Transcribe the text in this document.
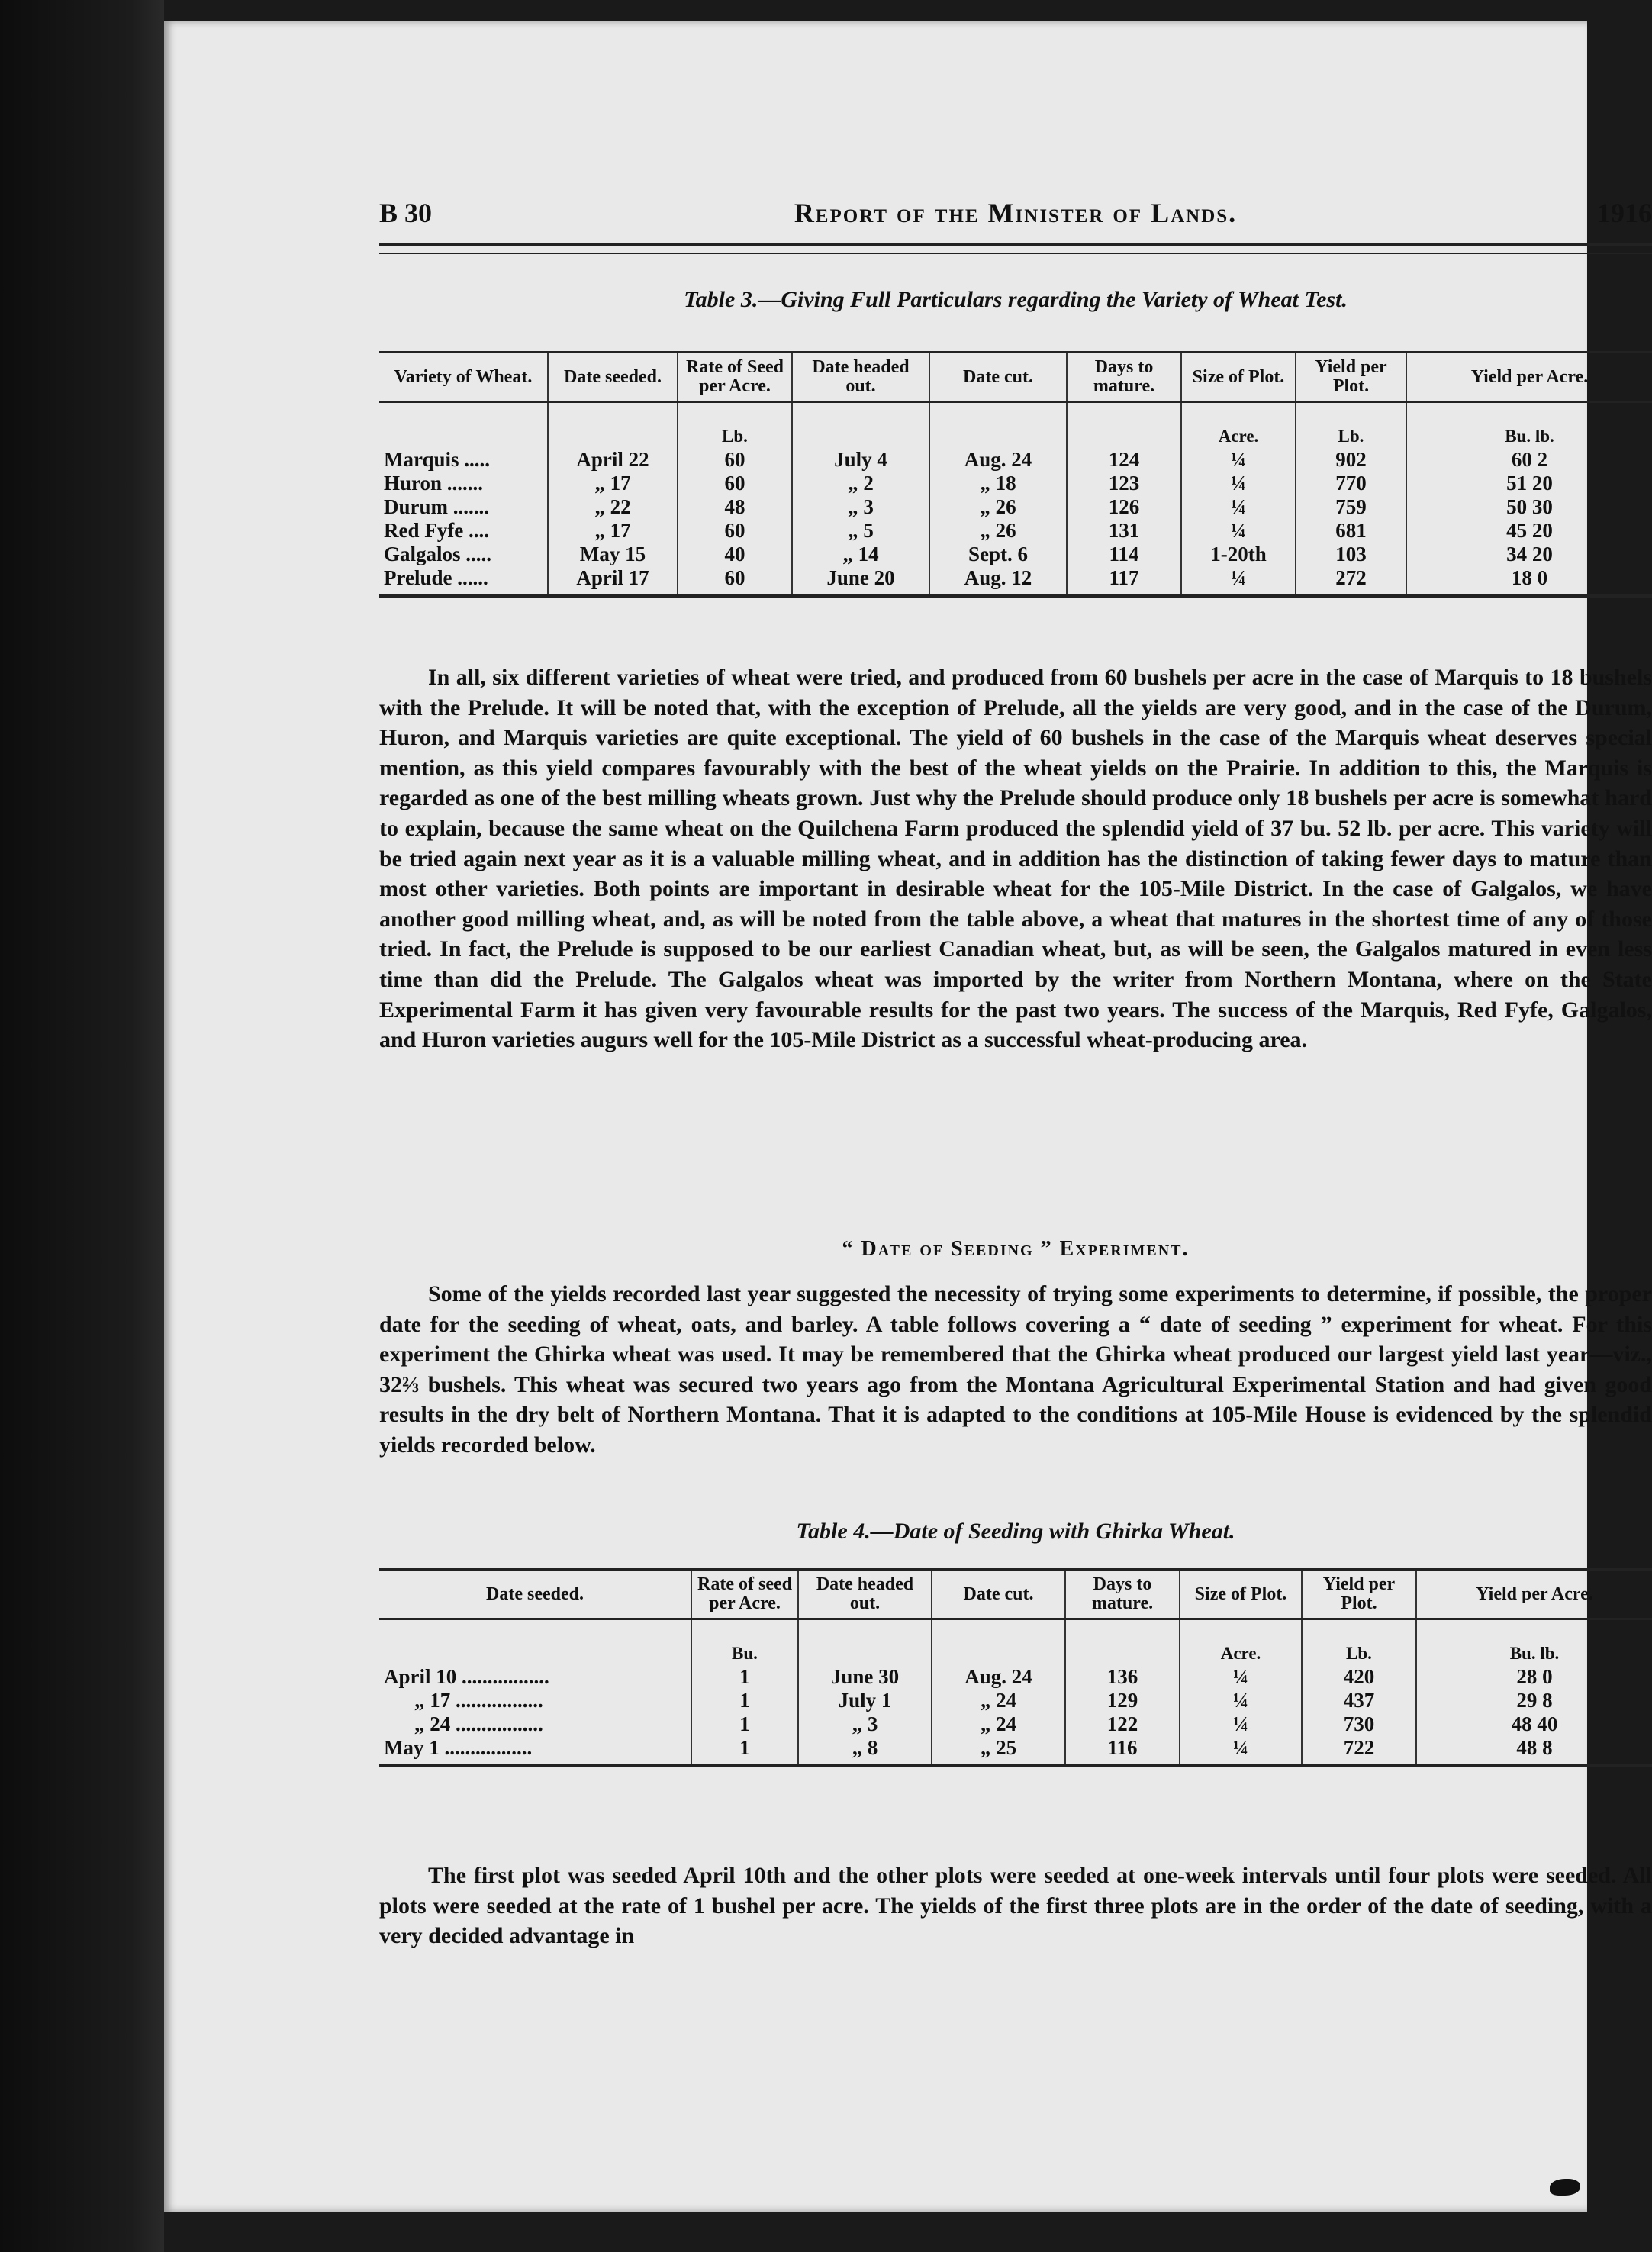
B 30	Report of the Minister of Lands.	1916
Table 3.—Giving Full Particulars regarding the Variety of Wheat Test.
Variety of Wheat.	Date seeded.	Rate of Seed per Acre.	Date headed out.	Date cut.	Days to mature.	Size of Plot.	Yield per Plot.	Yield per Acre.
		Lb.				Acre.	Lb.	Bu. lb.
Marquis .....	April 22	60	July 4	Aug. 24	124	¼	902	60 2
Huron .......	„ 17	60	„ 2	„ 18	123	¼	770	51 20
Durum .......	„ 22	48	„ 3	„ 26	126	¼	759	50 30
Red Fyfe ....	„ 17	60	„ 5	„ 26	131	¼	681	45 20
Galgalos .....	May 15	40	„ 14	Sept. 6	114	1-20th	103	34 20
Prelude ......	April 17	60	June 20	Aug. 12	117	¼	272	18 0

In all, six different varieties of wheat were tried, and produced from 60 bushels per acre in the case of Marquis to 18 bushels with the Prelude. It will be noted that, with the exception of Prelude, all the yields are very good, and in the case of the Durum, Huron, and Marquis varieties are quite exceptional. The yield of 60 bushels in the case of the Marquis wheat deserves special mention, as this yield compares favourably with the best of the wheat yields on the Prairie. In addition to this, the Marquis is regarded as one of the best milling wheats grown. Just why the Prelude should produce only 18 bushels per acre is somewhat hard to explain, because the same wheat on the Quilchena Farm produced the splendid yield of 37 bu. 52 lb. per acre. This variety will be tried again next year as it is a valuable milling wheat, and in addition has the distinction of taking fewer days to mature than most other varieties. Both points are important in desirable wheat for the 105-Mile District. In the case of Galgalos, we have another good milling wheat, and, as will be noted from the table above, a wheat that matures in the shortest time of any of those tried. In fact, the Prelude is supposed to be our earliest Canadian wheat, but, as will be seen, the Galgalos matured in even less time than did the Prelude. The Galgalos wheat was imported by the writer from Northern Montana, where on the State Experimental Farm it has given very favourable results for the past two years. The success of the Marquis, Red Fyfe, Galgalos, and Huron varieties augurs well for the 105-Mile District as a successful wheat-producing area.

“ Date of Seeding ” Experiment.

Some of the yields recorded last year suggested the necessity of trying some experiments to determine, if possible, the proper date for the seeding of wheat, oats, and barley. A table follows covering a “ date of seeding ” experiment for wheat. For this experiment the Ghirka wheat was used. It may be remembered that the Ghirka wheat produced our largest yield last year—viz., 32⅔ bushels. This wheat was secured two years ago from the Montana Agricultural Experimental Station and had given good results in the dry belt of Northern Montana. That it is adapted to the conditions at 105-Mile House is evidenced by the splendid yields recorded below.

Table 4.—Date of Seeding with Ghirka Wheat.
Date seeded.	Rate of seed per Acre.	Date headed out.	Date cut.	Days to mature.	Size of Plot.	Yield per Plot.	Yield per Acre.
	Bu.				Acre.	Lb.	Bu. lb.
April 10 .................	1	June 30	Aug. 24	136	¼	420	28 0
„ 17 .................	1	July 1	„ 24	129	¼	437	29 8
„ 24 .................	1	„ 3	„ 24	122	¼	730	48 40
May 1 .................	1	„ 8	„ 25	116	¼	722	48 8

The first plot was seeded April 10th and the other plots were seeded at one-week intervals until four plots were seeded. All plots were seeded at the rate of 1 bushel per acre. The yields of the first three plots are in the order of the date of seeding, with a very decided advantage in
